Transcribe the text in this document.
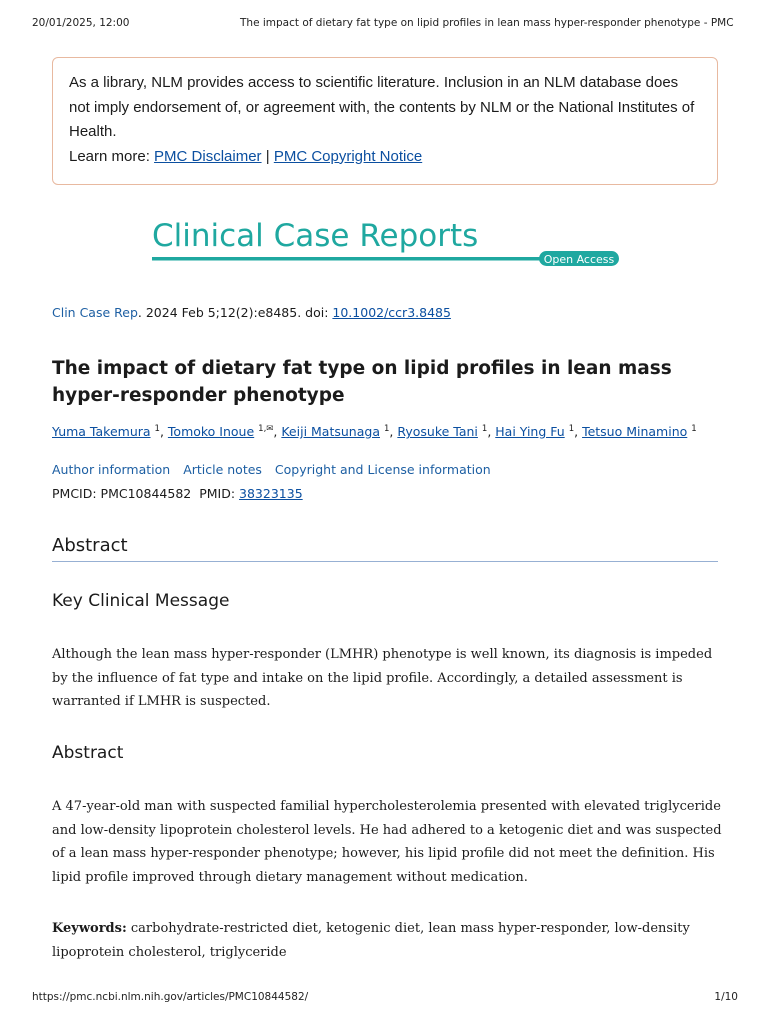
20/01/2025, 12:00	The impact of dietary fat type on lipid profiles in lean mass hyper-responder phenotype - PMC
As a library, NLM provides access to scientific literature. Inclusion in an NLM database does not imply endorsement of, or agreement with, the contents by NLM or the National Institutes of Health.
Learn more: PMC Disclaimer | PMC Copyright Notice
Clinical Case Reports
Open Access
Clin Case Rep. 2024 Feb 5;12(2):e8485. doi: 10.1002/ccr3.8485
The impact of dietary fat type on lipid profiles in lean mass hyper-responder phenotype
Yuma Takemura $^1$, Tomoko Inoue $^{1,✉}$, Keiji Matsunaga $^1$, Ryosuke Tani $^1$, Hai Ying Fu $^1$, Tetsuo Minamino $^1$
Author information Article notes Copyright and License information
PMCID: PMC10844582 PMID: 38323135
Abstract
Key Clinical Message

Although the lean mass hyper-responder (LMHR) phenotype is well known, its diagnosis is impeded by the influence of fat type and intake on the lipid profile. Accordingly, a detailed assessment is warranted if LMHR is suspected.

Abstract

A 47-year-old man with suspected familial hypercholesterolemia presented with elevated triglyceride and low-density lipoprotein cholesterol levels. He had adhered to a ketogenic diet and was suspected of a lean mass hyper-responder phenotype; however, his lipid profile did not meet the definition. His lipid profile improved through dietary management without medication.

Keywords: carbohydrate-restricted diet, ketogenic diet, lean mass hyper-responder, low-density lipoprotein cholesterol, triglyceride

https://pmc.ncbi.nlm.nih.gov/articles/PMC10844582/	1/10
